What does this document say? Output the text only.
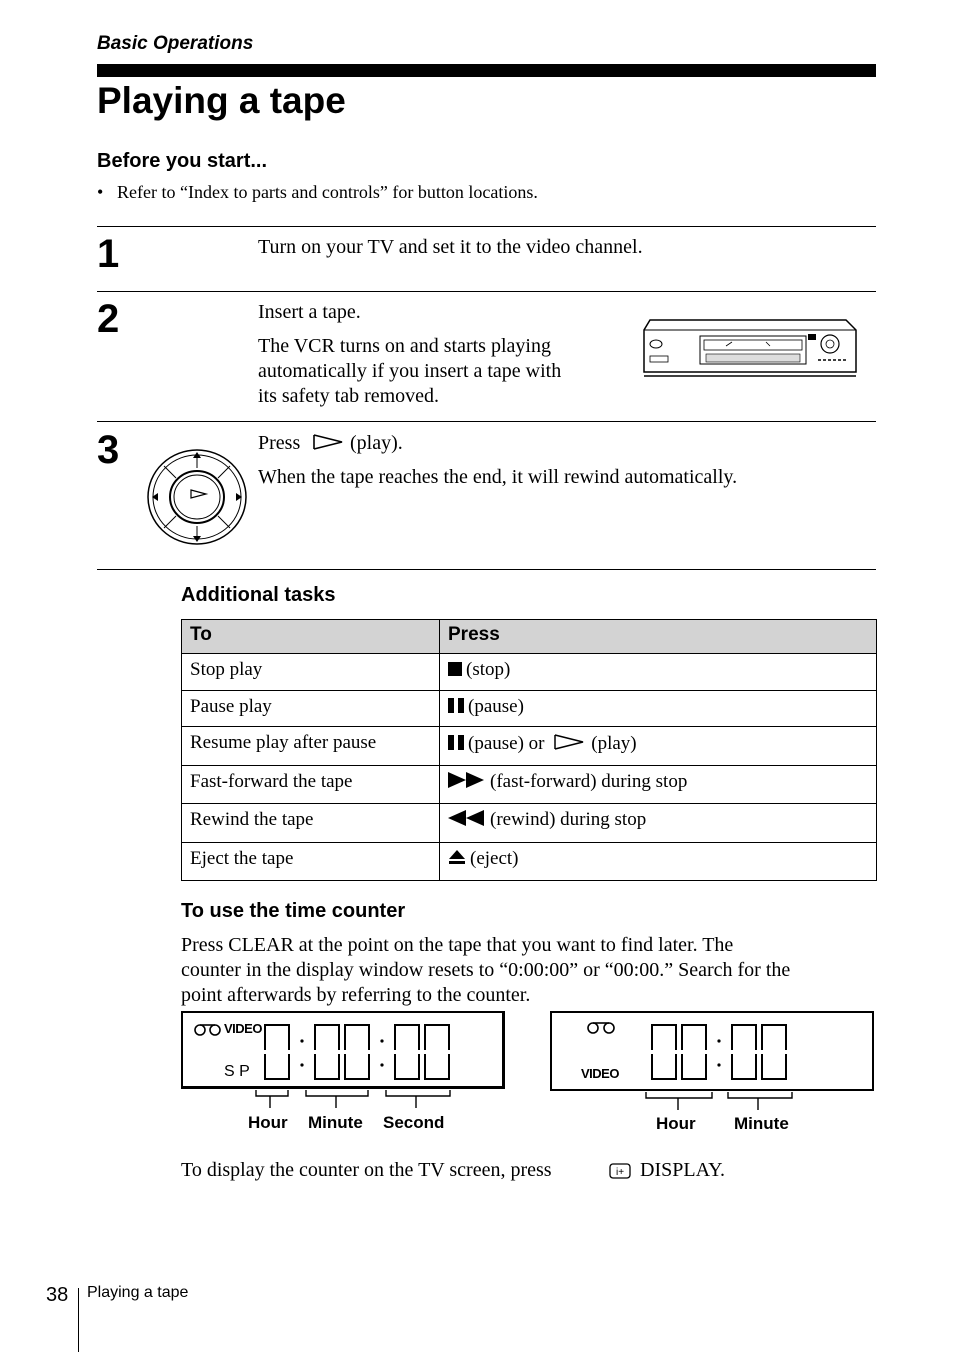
Basic Operations
Playing a tape
Before you start...
• Refer to “Index to parts and controls” for button locations.
1	Turn on your TV and set it to the video channel.
2	Insert a tape.
The VCR turns on and starts playing
automatically if you insert a tape with
its safety tab removed.
3	Press (play).
When the tape reaches the end, it will rewind automatically.
Additional tasks
To	Press
Stop play	(stop)
Pause play	(pause)
Resume play after pause	(pause) or (play)
Fast-forward the tape	(fast-forward) during stop
Rewind the tape	(rewind) during stop
Eject the tape	(eject)
To use the time counter
Press CLEAR at the point on the tape that you want to find later. The
counter in the display window resets to “0:00:00” or “00:00.” Search for the
point afterwards by referring to the counter.
VIDEO
S P
Hour Minute Second
VIDEO
Hour Minute
To display the counter on the TV screen, press	i+ DISPLAY.
38 Playing a tape
